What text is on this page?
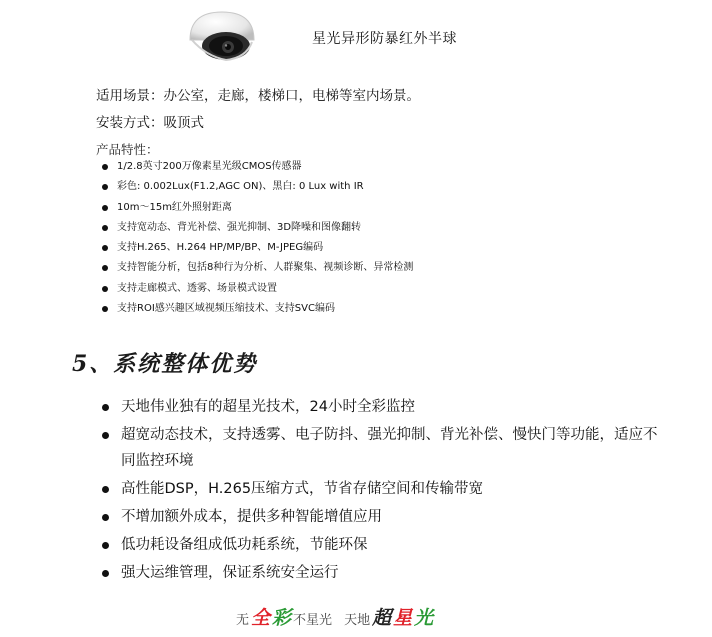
星光异形防暴红外半球
适用场景：办公室，走廊，楼梯口，电梯等室内场景。
安装方式：吸顶式
产品特性：
1/2.8英寸200万像素星光级CMOS传感器
彩色: 0.002Lux(F1.2,AGC ON)、黑白: 0 Lux with IR
10m～15m红外照射距离
支持宽动态、背光补偿、强光抑制、3D降噪和图像翻转
支持H.265、H.264 HP/MP/BP、M-JPEG编码
支持智能分析，包括8种行为分析、人群聚集、视频诊断、异常检测
支持走廊模式、透雾、场景模式设置
支持ROI感兴趣区域视频压缩技术、支持SVC编码
5、系统整体优势
天地伟业独有的超星光技术，24小时全彩监控
超宽动态技术，支持透雾、电子防抖、强光抑制、背光补偿、慢快门等功能，适应不同监控环境
高性能DSP，H.265压缩方式，节省存储空间和传输带宽
不增加额外成本，提供多种智能增值应用
低功耗设备组成低功耗系统，节能环保
强大运维管理，保证系统安全运行
无 全 彩 不星光 天地 超 星 光
